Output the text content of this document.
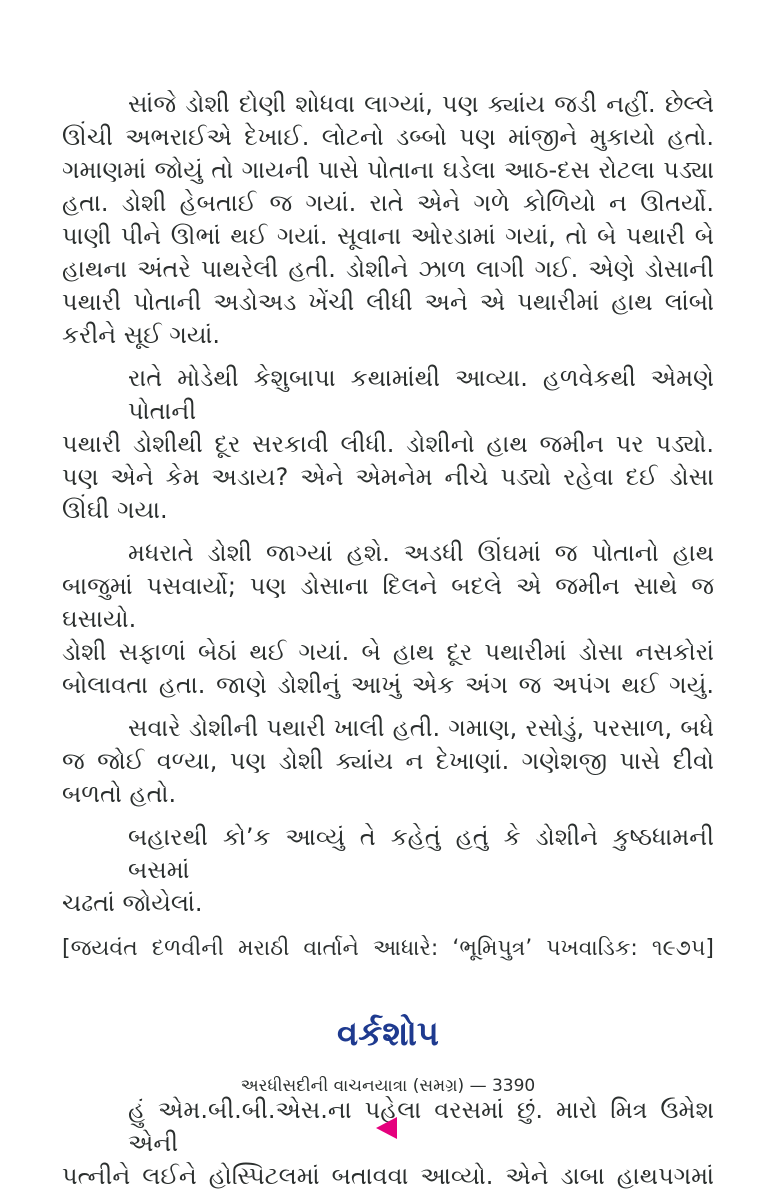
સાંજે ડોશી દોણી શોધવા લાગ્યાં, પણ ક્યાંય જડી નહીં. છેલ્લે
ઊંચી અભરાઈએ દેખાઈ. લોટનો ડબ્બો પણ માંજીને મુકાયો હતો.
ગમાણમાં જોયું તો ગાયની પાસે પોતાના ઘડેલા આઠ-દસ રોટલા પડ્યા
હતા. ડોશી હેબતાઈ જ ગયાં. રાતે એને ગળે કોળિયો ન ઊતર્યો.
પાણી પીને ઊભાં થઈ ગયાં. સૂવાના ઓરડામાં ગયાં, તો બે પથારી બે
હાથના અંતરે પાથરેલી હતી. ડોશીને ઝાળ લાગી ગઈ. એણે ડોસાની
પથારી પોતાની અડોઅડ ખેંચી લીધી અને એ પથારીમાં હાથ લાંબો
કરીને સૂઈ ગયાં.
રાતે મોડેથી કેશુબાપા કથામાંથી આવ્યા. હળવેકથી એમણે પોતાની
પથારી ડોશીથી દૂર સરકાવી લીધી. ડોશીનો હાથ જમીન પર પડ્યો.
પણ એને કેમ અડાય? એને એમનેમ નીચે પડ્યો રહેવા દઈ ડોસા
ઊંઘી ગયા.
મધરાતે ડોશી જાગ્યાં હશે. અડધી ઊંઘમાં જ પોતાનો હાથ
બાજુમાં પસવાર્યો; પણ ડોસાના દિલને બદલે એ જમીન સાથે જ ઘસાયો.
ડોશી સફાળાં બેઠાં થઈ ગયાં. બે હાથ દૂર પથારીમાં ડોસા નસકોરાં
બોલાવતા હતા. જાણે ડોશીનું આખું એક અંગ જ અપંગ થઈ ગયું.
સવારે ડોશીની પથારી ખાલી હતી. ગમાણ, રસોડું, પરસાળ, બધે
જ જોઈ વળ્યા, પણ ડોશી ક્યાંય ન દેખાણાં. ગણેશજી પાસે દીવો
બળતો હતો.
બહારથી કો’ક આવ્યું તે કહેતું હતું કે ડોશીને કુષ્ઠધામની બસમાં
ચઢતાં જોયેલાં.
[જયવંત દળવીની મરાઠી વાર્તાને આધારે: ‘ભૂમિપુત્ર’ પખવાડિક: ૧૯૭૫]
વર્કશોપ
હું એમ.બી.બી.એસ.ના પહેલા વરસમાં છું. મારો મિત્ર ઉમેશ એની
પત્નીને લઈને હોસ્પિટલમાં બતાવવા આવ્યો. એને ડાબા હાથપગમાં
અરધીસદીની વાચનયાત્રા (સમગ્ર) — 3390
